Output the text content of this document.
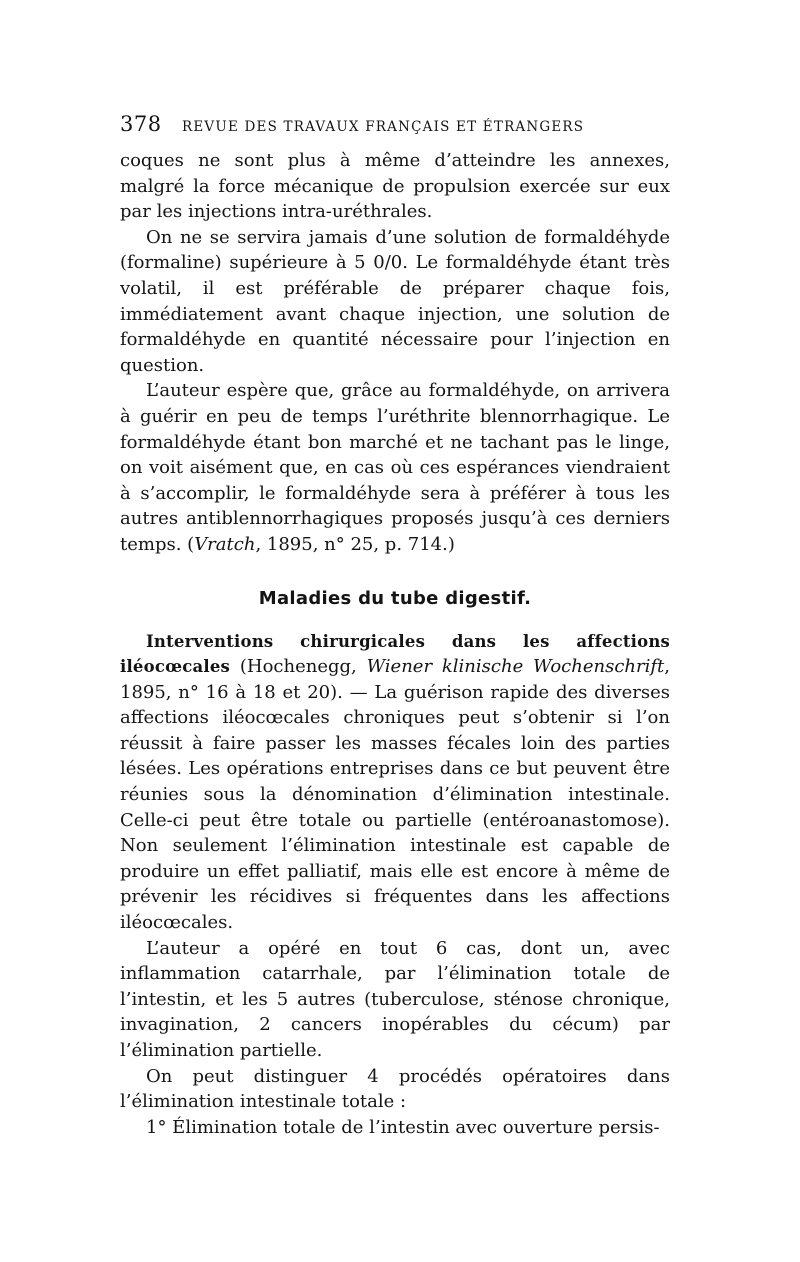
378	REVUE DES TRAVAUX FRANÇAIS ET ÉTRANGERS

coques ne sont plus à même d’atteindre les annexes, malgré la force mécanique de propulsion exercée sur eux par les injections intra-uréthrales.

On ne se servira jamais d’une solution de formaldéhyde (formaline) supérieure à 5 0/0. Le formaldéhyde étant très volatil, il est préférable de préparer chaque fois, immédiatement avant chaque injection, une solution de formaldéhyde en quantité nécessaire pour l’injection en question.

L’auteur espère que, grâce au formaldéhyde, on arrivera à guérir en peu de temps l’uréthrite blennorrhagique. Le formaldéhyde étant bon marché et ne tachant pas le linge, on voit aisément que, en cas où ces espérances viendraient à s’accomplir, le formaldéhyde sera à préférer à tous les autres antiblennorrhagiques proposés jusqu’à ces derniers temps. (Vratch, 1895, n° 25, p. 714.)

Maladies du tube digestif.

Interventions chirurgicales dans les affections iléocœcales (Hochenegg, Wiener klinische Wochenschrift, 1895, n° 16 à 18 et 20). — La guérison rapide des diverses affections iléocœcales chroniques peut s’obtenir si l’on réussit à faire passer les masses fécales loin des parties lésées. Les opérations entreprises dans ce but peuvent être réunies sous la dénomination d’élimination intestinale. Celle-ci peut être totale ou partielle (entéroanastomose). Non seulement l’élimination intestinale est capable de produire un effet palliatif, mais elle est encore à même de prévenir les récidives si fréquentes dans les affections iléocœcales.

L’auteur a opéré en tout 6 cas, dont un, avec inflammation catarrhale, par l’élimination totale de l’intestin, et les 5 autres (tuberculose, sténose chronique, invagination, 2 cancers inopérables du cécum) par l’élimination partielle.

On peut distinguer 4 procédés opératoires dans l’élimination intestinale totale :

1° Élimination totale de l’intestin avec ouverture persis-
